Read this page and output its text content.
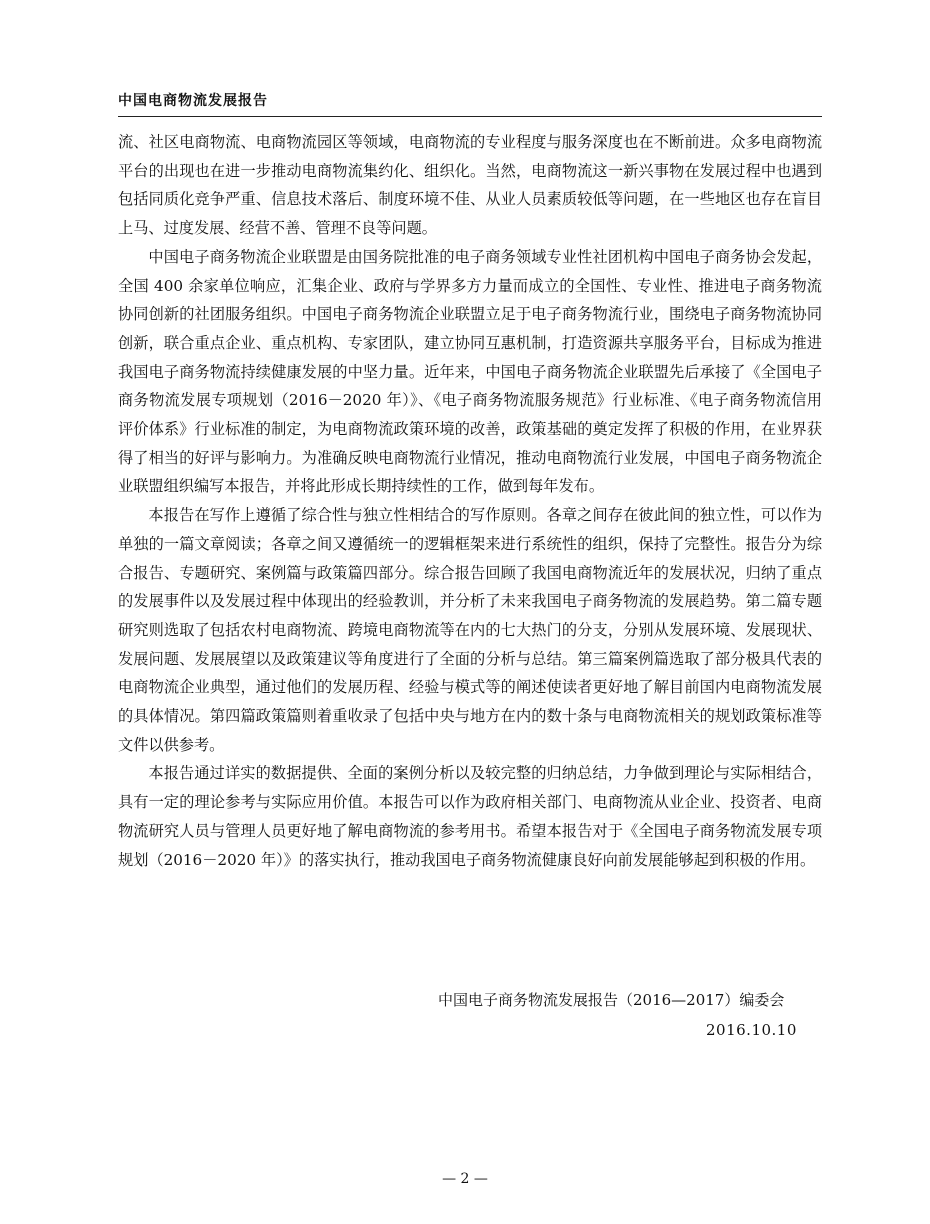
中国电商物流发展报告

流、社区电商物流、电商物流园区等领域，电商物流的专业程度与服务深度也在不断前进。众多电商物流平台的出现也在进一步推动电商物流集约化、组织化。当然，电商物流这一新兴事物在发展过程中也遇到包括同质化竞争严重、信息技术落后、制度环境不佳、从业人员素质较低等问题，在一些地区也存在盲目上马、过度发展、经营不善、管理不良等问题。

中国电子商务物流企业联盟是由国务院批准的电子商务领域专业性社团机构中国电子商务协会发起，全国 400 余家单位响应，汇集企业、政府与学界多方力量而成立的全国性、专业性、推进电子商务物流协同创新的社团服务组织。中国电子商务物流企业联盟立足于电子商务物流行业，围绕电子商务物流协同创新，联合重点企业、重点机构、专家团队，建立协同互惠机制，打造资源共享服务平台，目标成为推进我国电子商务物流持续健康发展的中坚力量。近年来，中国电子商务物流企业联盟先后承接了《全国电子商务物流发展专项规划（2016－2020 年）》、《电子商务物流服务规范》行业标准、《电子商务物流信用评价体系》行业标准的制定，为电商物流政策环境的改善，政策基础的奠定发挥了积极的作用，在业界获得了相当的好评与影响力。为准确反映电商物流行业情况，推动电商物流行业发展，中国电子商务物流企业联盟组织编写本报告，并将此形成长期持续性的工作，做到每年发布。

本报告在写作上遵循了综合性与独立性相结合的写作原则。各章之间存在彼此间的独立性，可以作为单独的一篇文章阅读；各章之间又遵循统一的逻辑框架来进行系统性的组织，保持了完整性。报告分为综合报告、专题研究、案例篇与政策篇四部分。综合报告回顾了我国电商物流近年的发展状况，归纳了重点的发展事件以及发展过程中体现出的经验教训，并分析了未来我国电子商务物流的发展趋势。第二篇专题研究则选取了包括农村电商物流、跨境电商物流等在内的七大热门的分支，分别从发展环境、发展现状、发展问题、发展展望以及政策建议等角度进行了全面的分析与总结。第三篇案例篇选取了部分极具代表的电商物流企业典型，通过他们的发展历程、经验与模式等的阐述使读者更好地了解目前国内电商物流发展的具体情况。第四篇政策篇则着重收录了包括中央与地方在内的数十条与电商物流相关的规划政策标准等文件以供参考。

本报告通过详实的数据提供、全面的案例分析以及较完整的归纳总结，力争做到理论与实际相结合，具有一定的理论参考与实际应用价值。本报告可以作为政府相关部门、电商物流从业企业、投资者、电商物流研究人员与管理人员更好地了解电商物流的参考用书。希望本报告对于《全国电子商务物流发展专项规划（2016－2020 年）》的落实执行，推动我国电子商务物流健康良好向前发展能够起到积极的作用。

中国电子商务物流发展报告（2016—2017）编委会
2016.10.10
— 2 —
